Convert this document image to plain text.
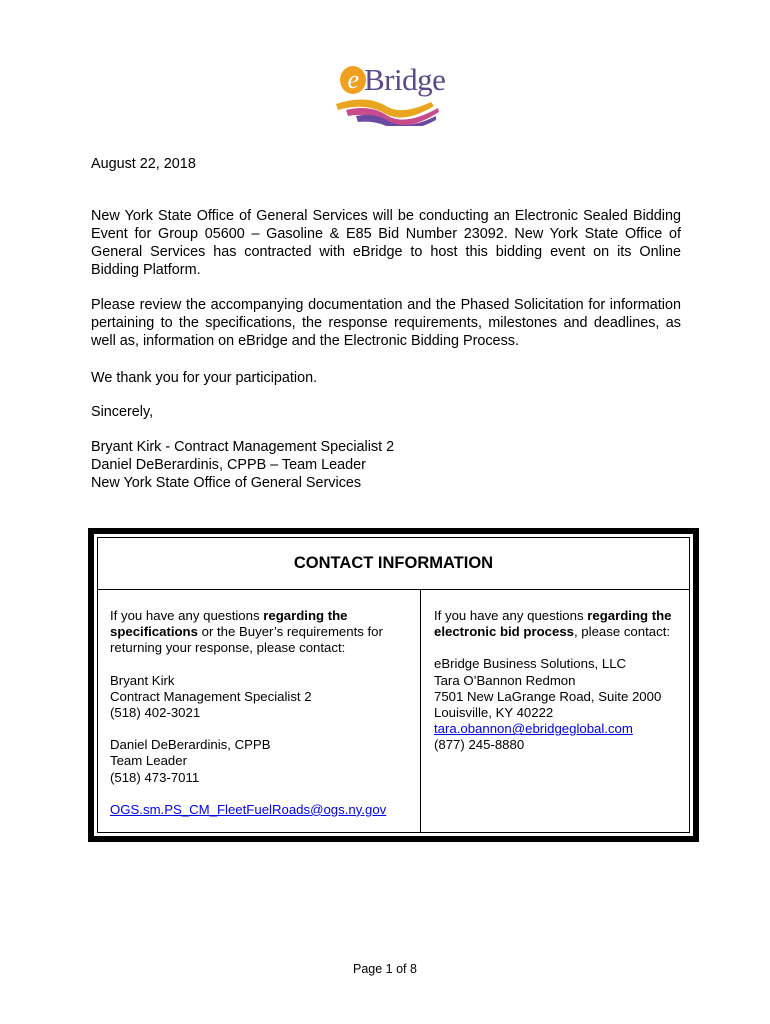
e Bridge
August 22, 2018
New York State Office of General Services will be conducting an Electronic Sealed Bidding Event for Group 05600 – Gasoline & E85 Bid Number 23092. New York State Office of General Services has contracted with eBridge to host this bidding event on its Online Bidding Platform.
Please review the accompanying documentation and the Phased Solicitation for information pertaining to the specifications, the response requirements, milestones and deadlines, as well as, information on eBridge and the Electronic Bidding Process.
We thank you for your participation.
Sincerely,
Bryant Kirk - Contract Management Specialist 2
Daniel DeBerardinis, CPPB – Team Leader
New York State Office of General Services
CONTACT INFORMATION
If you have any questions regarding the specifications or the Buyer’s requirements for returning your response, please contact:
Bryant Kirk
Contract Management Specialist 2
(518) 402-3021
Daniel DeBerardinis, CPPB
Team Leader
(518) 473-7011
OGS.sm.PS_CM_FleetFuelRoads@ogs.ny.gov
If you have any questions regarding the electronic bid process, please contact:
eBridge Business Solutions, LLC
Tara O’Bannon Redmon
7501 New LaGrange Road, Suite 2000
Louisville, KY 40222
tara.obannon@ebridgeglobal.com
(877) 245-8880
Page 1 of 8
